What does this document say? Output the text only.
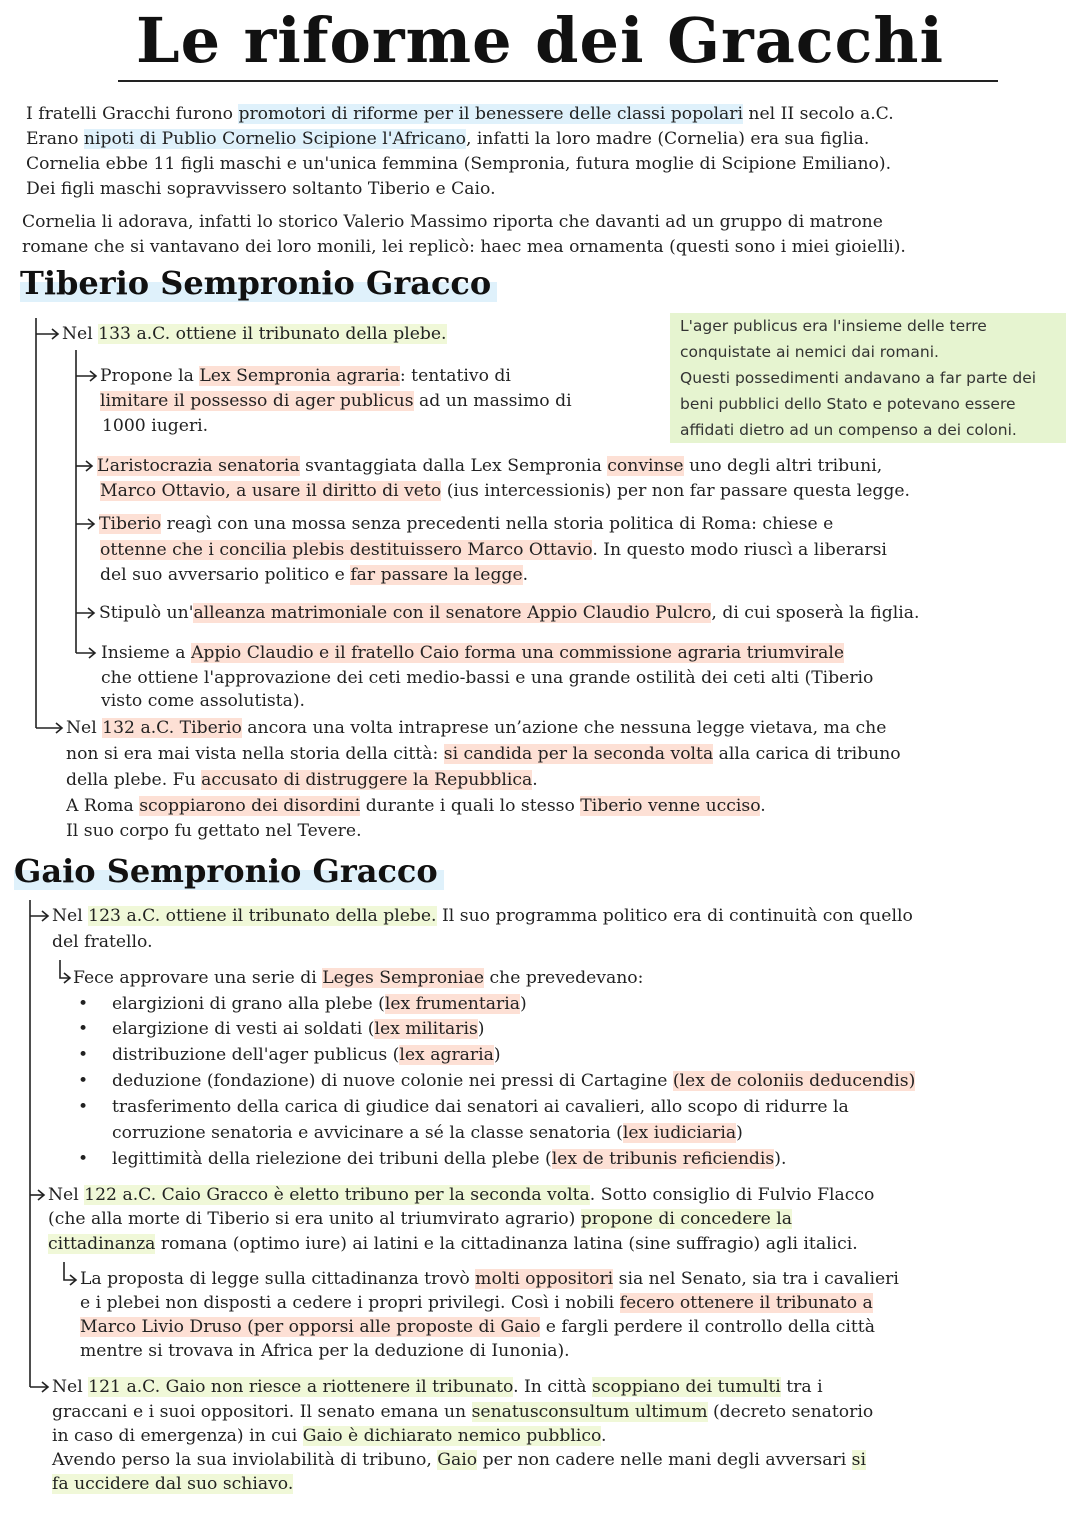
Le riforme dei Gracchi
I fratelli Gracchi furono promotori di riforme per il benessere delle classi popolari nel II secolo a.C.
Erano nipoti di Publio Cornelio Scipione l'Africano, infatti la loro madre (Cornelia) era sua figlia.
Cornelia ebbe 11 figli maschi e un'unica femmina (Sempronia, futura moglie di Scipione Emiliano).
Dei figli maschi sopravvissero soltanto Tiberio e Caio.
Cornelia li adorava, infatti lo storico Valerio Massimo riporta che davanti ad un gruppo di matrone
romane che si vantavano dei loro monili, lei replicò: haec mea ornamenta (questi sono i miei gioielli).
Tiberio Sempronio Gracco
L'ager publicus era l'insieme delle terre
conquistate ai nemici dai romani.
Questi possedimenti andavano a far parte dei
beni pubblici dello Stato e potevano essere
affidati dietro ad un compenso a dei coloni.
Nel 133 a.C. ottiene il tribunato della plebe.
Propone la Lex Sempronia agraria: tentativo di
limitare il possesso di ager publicus ad un massimo di
1000 iugeri.
L’aristocrazia senatoria svantaggiata dalla Lex Sempronia convinse uno degli altri tribuni,
Marco Ottavio, a usare il diritto di veto (ius intercessionis) per non far passare questa legge.
Tiberio reagì con una mossa senza precedenti nella storia politica di Roma: chiese e
ottenne che i concilia plebis destituissero Marco Ottavio. In questo modo riuscì a liberarsi
del suo avversario politico e far passare la legge.
Stipulò un'alleanza matrimoniale con il senatore Appio Claudio Pulcro, di cui sposerà la figlia.
Insieme a Appio Claudio e il fratello Caio forma una commissione agraria triumvirale
che ottiene l'approvazione dei ceti medio-bassi e una grande ostilità dei ceti alti (Tiberio
visto come assolutista).
Nel 132 a.C. Tiberio ancora una volta intraprese un’azione che nessuna legge vietava, ma che
non si era mai vista nella storia della città: si candida per la seconda volta alla carica di tribuno
della plebe. Fu accusato di distruggere la Repubblica.
A Roma scoppiarono dei disordini durante i quali lo stesso Tiberio venne ucciso.
Il suo corpo fu gettato nel Tevere.
Gaio Sempronio Gracco
Nel 123 a.C. ottiene il tribunato della plebe. Il suo programma politico era di continuità con quello
del fratello.
Fece approvare una serie di Leges Semproniae che prevedevano:
• elargizioni di grano alla plebe (lex frumentaria)
• elargizione di vesti ai soldati (lex militaris)
• distribuzione dell'ager publicus (lex agraria)
• deduzione (fondazione) di nuove colonie nei pressi di Cartagine (lex de coloniis deducendis)
• trasferimento della carica di giudice dai senatori ai cavalieri, allo scopo di ridurre la
corruzione senatoria e avvicinare a sé la classe senatoria (lex iudiciaria)
• legittimità della rielezione dei tribuni della plebe (lex de tribunis reficiendis).
Nel 122 a.C. Caio Gracco è eletto tribuno per la seconda volta. Sotto consiglio di Fulvio Flacco
(che alla morte di Tiberio si era unito al triumvirato agrario) propone di concedere la
cittadinanza romana (optimo iure) ai latini e la cittadinanza latina (sine suffragio) agli italici.
La proposta di legge sulla cittadinanza trovò molti oppositori sia nel Senato, sia tra i cavalieri
e i plebei non disposti a cedere i propri privilegi. Così i nobili fecero ottenere il tribunato a
Marco Livio Druso (per opporsi alle proposte di Gaio e fargli perdere il controllo della città
mentre si trovava in Africa per la deduzione di Iunonia).
Nel 121 a.C. Gaio non riesce a riottenere il tribunato. In città scoppiano dei tumulti tra i
graccani e i suoi oppositori. Il senato emana un senatusconsultum ultimum (decreto senatorio
in caso di emergenza) in cui Gaio è dichiarato nemico pubblico.
Avendo perso la sua inviolabilità di tribuno, Gaio per non cadere nelle mani degli avversari si
fa uccidere dal suo schiavo.
